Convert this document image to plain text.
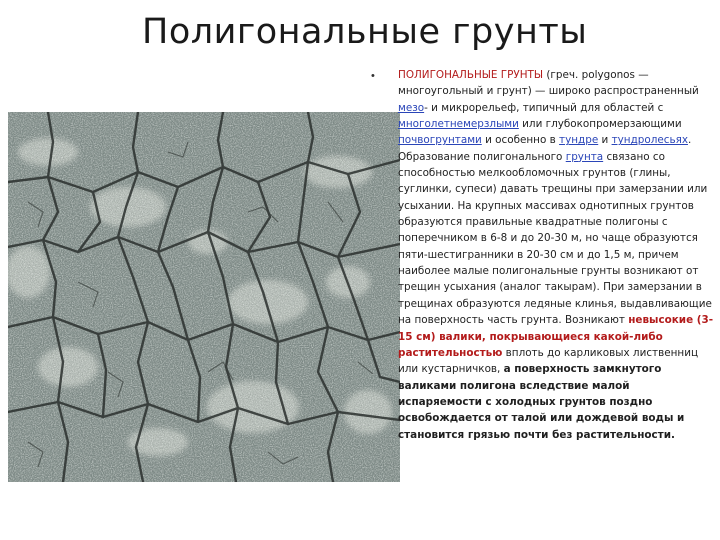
Полигональные грунты
• ПОЛИГОНАЛЬНЫЕ ГРУНТЫ (греч. polygonos — многоугольный и грунт) — широко распространенный мезо- и микрорельеф, типичный для областей с многолетнемерзлыми или глубокопромерзающими почвогрунтами и особенно в тундре и тундролесьях. Образование полигонального грунта связано со способностью мелкообломочных грунтов (глины, суглинки, супеси) давать трещины при замерзании или усыхании. На крупных массивах однотипных грунтов образуются правильные квадратные полигоны с поперечником в 6-8 и до 20-30 м, но чаще образуются пяти-шестигранники в 20-30 см и до 1,5 м, причем наиболее малые полигональные грунты возникают от трещин усыхания (аналог такырам). При замерзании в трещинах образуются ледяные клинья, выдавливающие на поверхность часть грунта. Возникают невысокие (3-15 см) валики, покрывающиеся какой-либо растительностью вплоть до карликовых лиственниц или кустарничков, а поверхность замкнутого валиками полигона вследствие малой испаряемости с холодных грунтов поздно освобождается от талой или дождевой воды и становится грязью почти без растительности.
